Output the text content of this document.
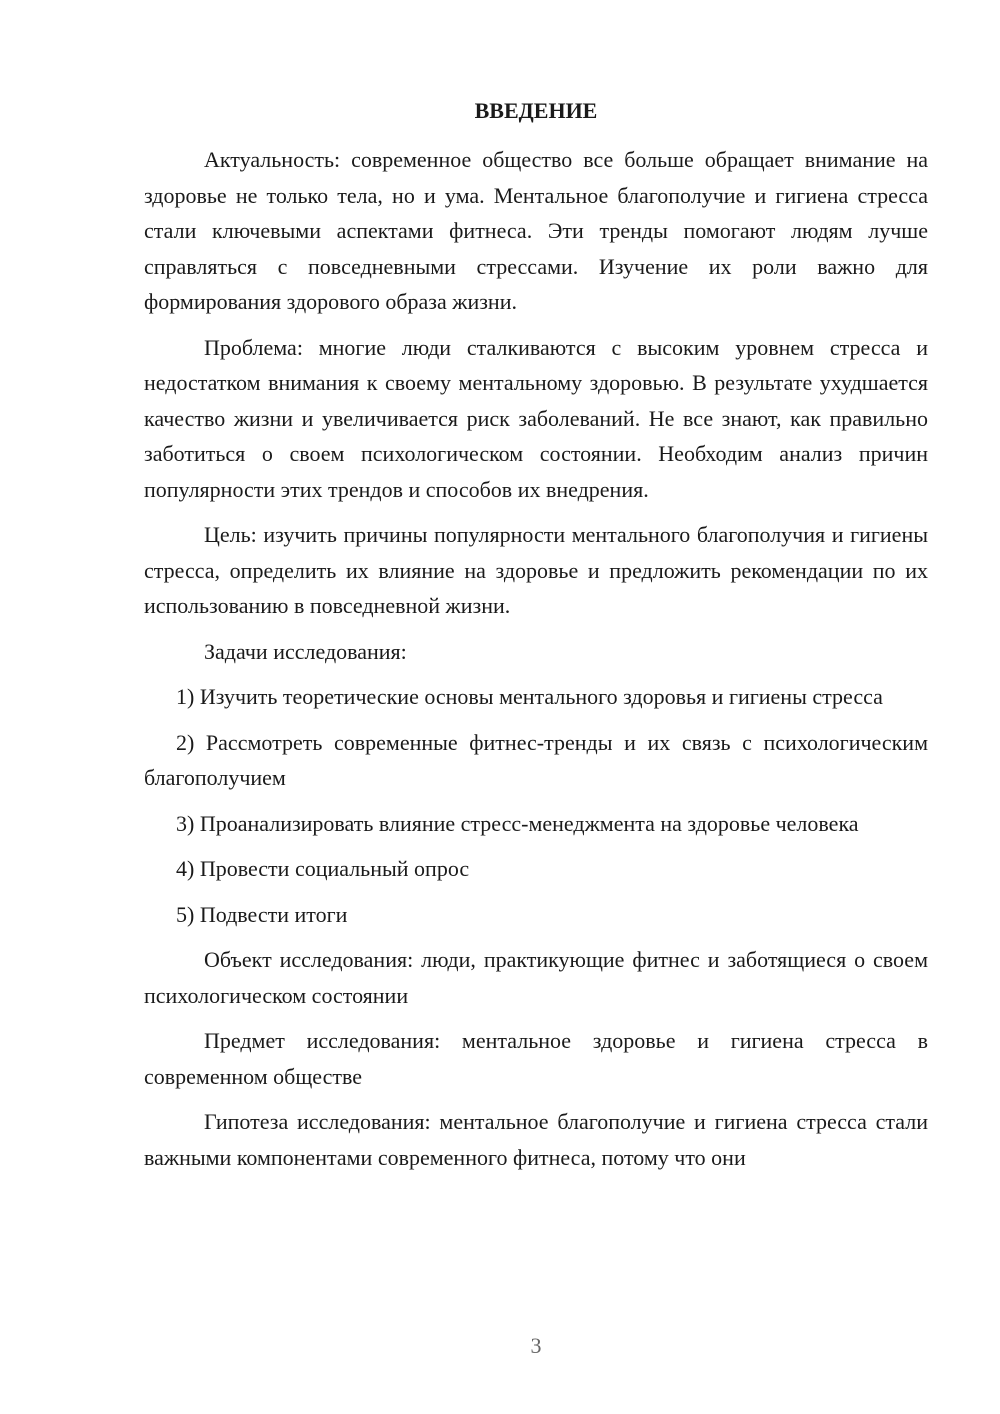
ВВЕДЕНИЕ

Актуальность: современное общество все больше обращает внимание на здоровье не только тела, но и ума. Ментальное благополучие и гигиена стресса стали ключевыми аспектами фитнеса. Эти тренды помогают людям лучше справляться с повседневными стрессами. Изучение их роли важно для формирования здорового образа жизни.

Проблема: многие люди сталкиваются с высоким уровнем стресса и недостатком внимания к своему ментальному здоровью. В результате ухудшается качество жизни и увеличивается риск заболеваний. Не все знают, как правильно заботиться о своем психологическом состоянии. Необходим анализ причин популярности этих трендов и способов их внедрения.

Цель: изучить причины популярности ментального благополучия и гигиены стресса, определить их влияние на здоровье и предложить рекомендации по их использованию в повседневной жизни.

Задачи исследования:

1) Изучить теоретические основы ментального здоровья и гигиены стресса

2) Рассмотреть современные фитнес-тренды и их связь с психологическим благополучием

3) Проанализировать влияние стресс-менеджмента на здоровье человека

4) Провести социальный опрос

5) Подвести итоги

Объект исследования: люди, практикующие фитнес и заботящиеся о своем психологическом состоянии

Предмет исследования: ментальное здоровье и гигиена стресса в современном обществе

Гипотеза исследования: ментальное благополучие и гигиена стресса стали важными компонентами современного фитнеса, потому что они

3
